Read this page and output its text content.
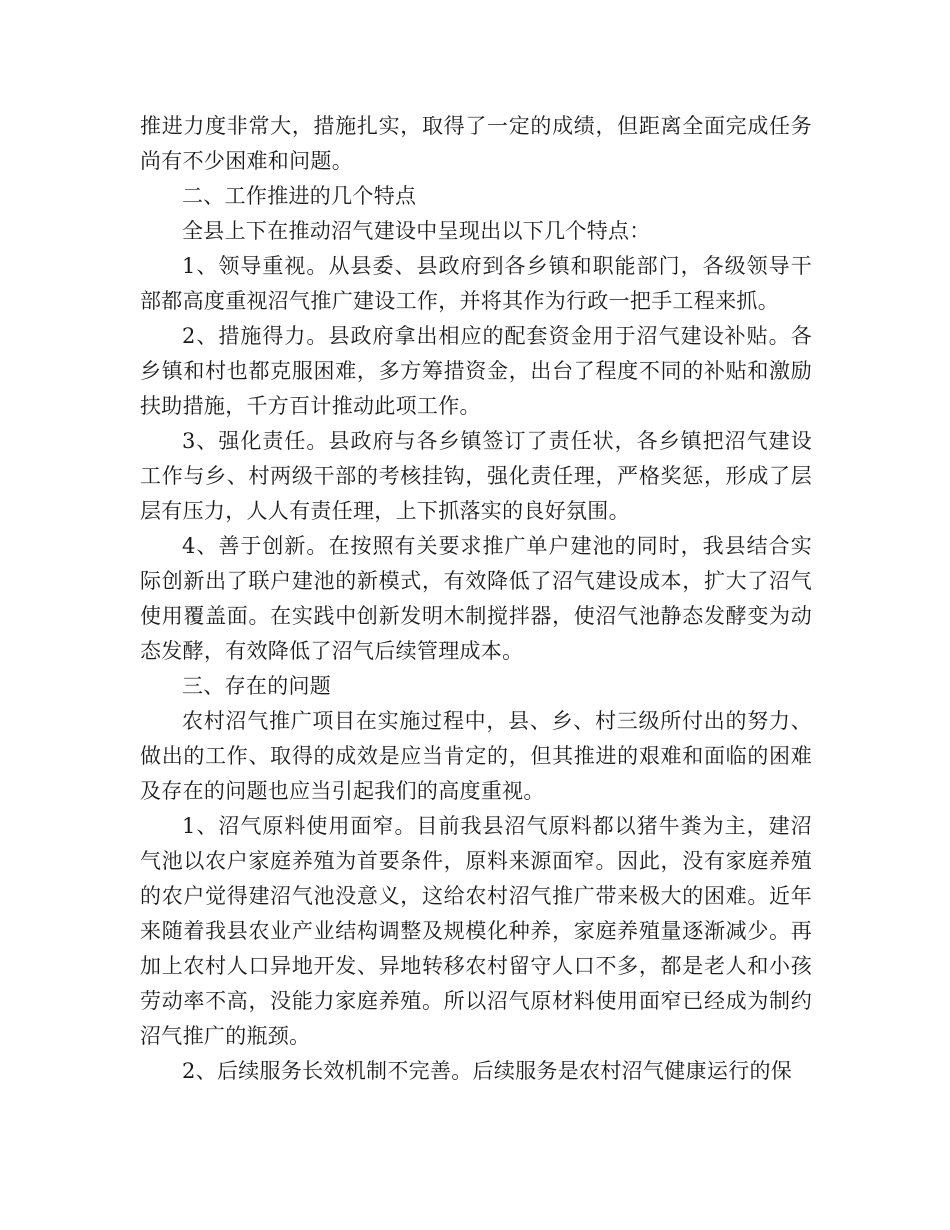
推进力度非常大，措施扎实，取得了一定的成绩，但距离全面完成任务尚有不少困难和问题。

二、工作推进的几个特点

全县上下在推动沼气建设中呈现出以下几个特点：

1、领导重视。从县委、县政府到各乡镇和职能部门，各级领导干部都高度重视沼气推广建设工作，并将其作为行政一把手工程来抓。

2、措施得力。县政府拿出相应的配套资金用于沼气建设补贴。各乡镇和村也都克服困难，多方筹措资金，出台了程度不同的补贴和激励扶助措施，千方百计推动此项工作。

3、强化责任。县政府与各乡镇签订了责任状，各乡镇把沼气建设工作与乡、村两级干部的考核挂钩，强化责任理，严格奖惩，形成了层层有压力，人人有责任理，上下抓落实的良好氛围。

4、善于创新。在按照有关要求推广单户建池的同时，我县结合实际创新出了联户建池的新模式，有效降低了沼气建设成本，扩大了沼气使用覆盖面。在实践中创新发明木制搅拌器，使沼气池静态发酵变为动态发酵，有效降低了沼气后续管理成本。

三、存在的问题

农村沼气推广项目在实施过程中，县、乡、村三级所付出的努力、做出的工作、取得的成效是应当肯定的，但其推进的艰难和面临的困难及存在的问题也应当引起我们的高度重视。

1、沼气原料使用面窄。目前我县沼气原料都以猪牛粪为主，建沼气池以农户家庭养殖为首要条件，原料来源面窄。因此，没有家庭养殖的农户觉得建沼气池没意义，这给农村沼气推广带来极大的困难。近年来随着我县农业产业结构调整及规模化种养，家庭养殖量逐渐减少。再加上农村人口异地开发、异地转移农村留守人口不多，都是老人和小孩劳动率不高，没能力家庭养殖。所以沼气原材料使用面窄已经成为制约沼气推广的瓶颈。

2、后续服务长效机制不完善。后续服务是农村沼气健康运行的保
